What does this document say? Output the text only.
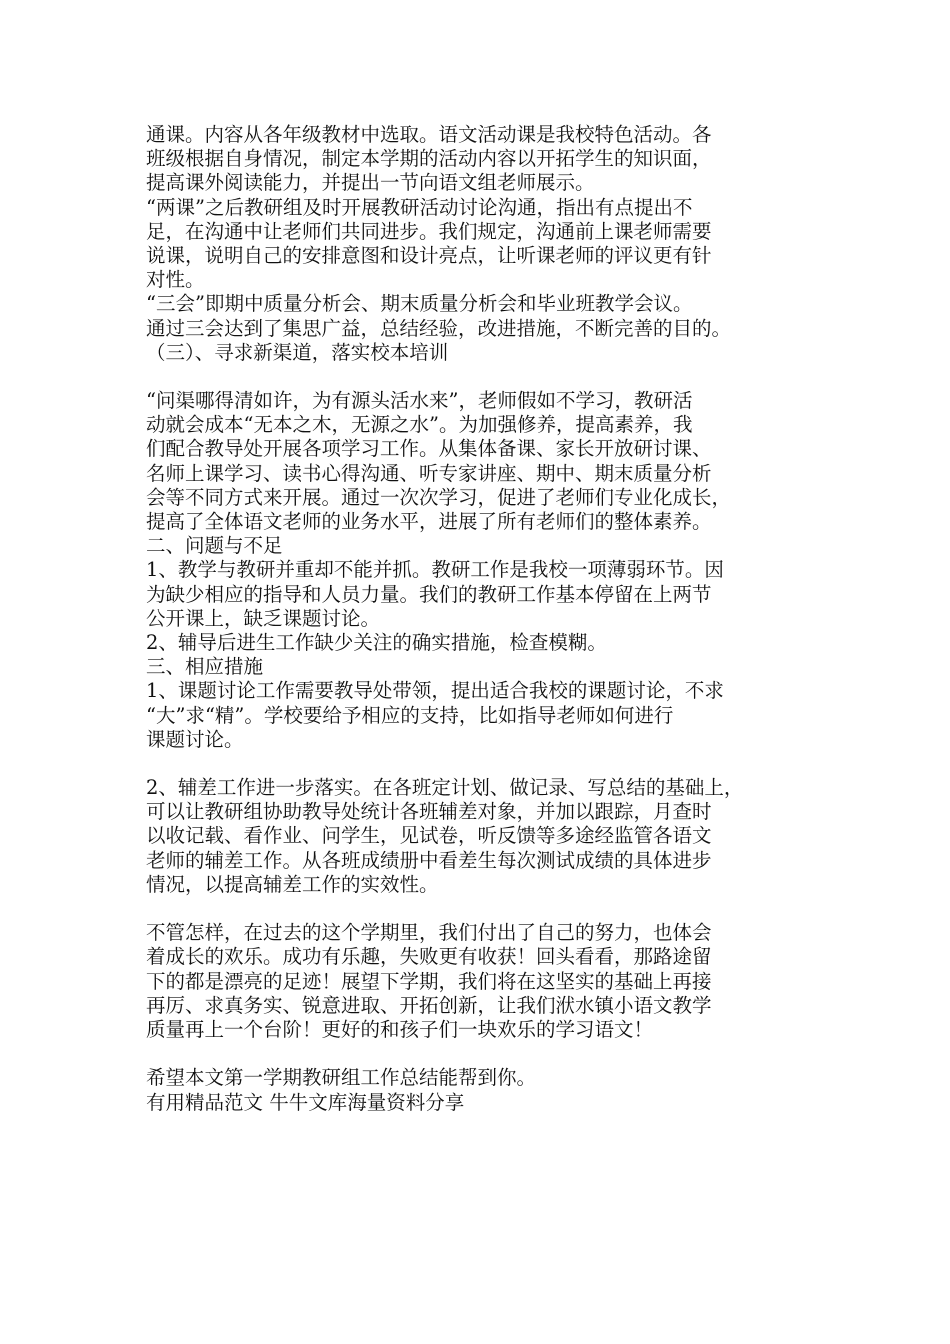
通课。内容从各年级教材中选取。语文活动课是我校特色活动。各
班级根据自身情况，制定本学期的活动内容以开拓学生的知识面，
提高课外阅读能力，并提出一节向语文组老师展示。
“两课”之后教研组及时开展教研活动讨论沟通，指出有点提出不
足，在沟通中让老师们共同进步。我们规定，沟通前上课老师需要
说课，说明自己的安排意图和设计亮点，让听课老师的评议更有针
对性。
“三会”即期中质量分析会、期末质量分析会和毕业班教学会议。
通过三会达到了集思广益，总结经验，改进措施，不断完善的目的。
（三）、寻求新渠道，落实校本培训
“问渠哪得清如许，为有源头活水来”，老师假如不学习，教研活
动就会成本“无本之木，无源之水”。为加强修养，提高素养，我
们配合教导处开展各项学习工作。从集体备课、家长开放研讨课、
名师上课学习、读书心得沟通、听专家讲座、期中、期末质量分析
会等不同方式来开展。通过一次次学习，促进了老师们专业化成长，
提高了全体语文老师的业务水平，进展了所有老师们的整体素养。
二、问题与不足
1、教学与教研并重却不能并抓。教研工作是我校一项薄弱环节。因
为缺少相应的指导和人员力量。我们的教研工作基本停留在上两节
公开课上，缺乏课题讨论。
2、辅导后进生工作缺少关注的确实措施，检查模糊。
三、相应措施
1、课题讨论工作需要教导处带领，提出适合我校的课题讨论，不求
“大”求“精”。学校要给予相应的支持，比如指导老师如何进行
课题讨论。
2、辅差工作进一步落实。在各班定计划、做记录、写总结的基础上，
可以让教研组协助教导处统计各班辅差对象，并加以跟踪，月查时
以收记载、看作业、问学生，见试卷，听反馈等多途经监管各语文
老师的辅差工作。从各班成绩册中看差生每次测试成绩的具体进步
情况，以提高辅差工作的实效性。
不管怎样，在过去的这个学期里，我们付出了自己的努力，也体会
着成长的欢乐。成功有乐趣，失败更有收获！回头看看，那路途留
下的都是漂亮的足迹！展望下学期，我们将在这坚实的基础上再接
再厉、求真务实、锐意进取、开拓创新，让我们洑水镇小语文教学
质量再上一个台阶！更好的和孩子们一块欢乐的学习语文！
希望本文第一学期教研组工作总结能帮到你。
有用精品范文 牛牛文库海量资料分享
